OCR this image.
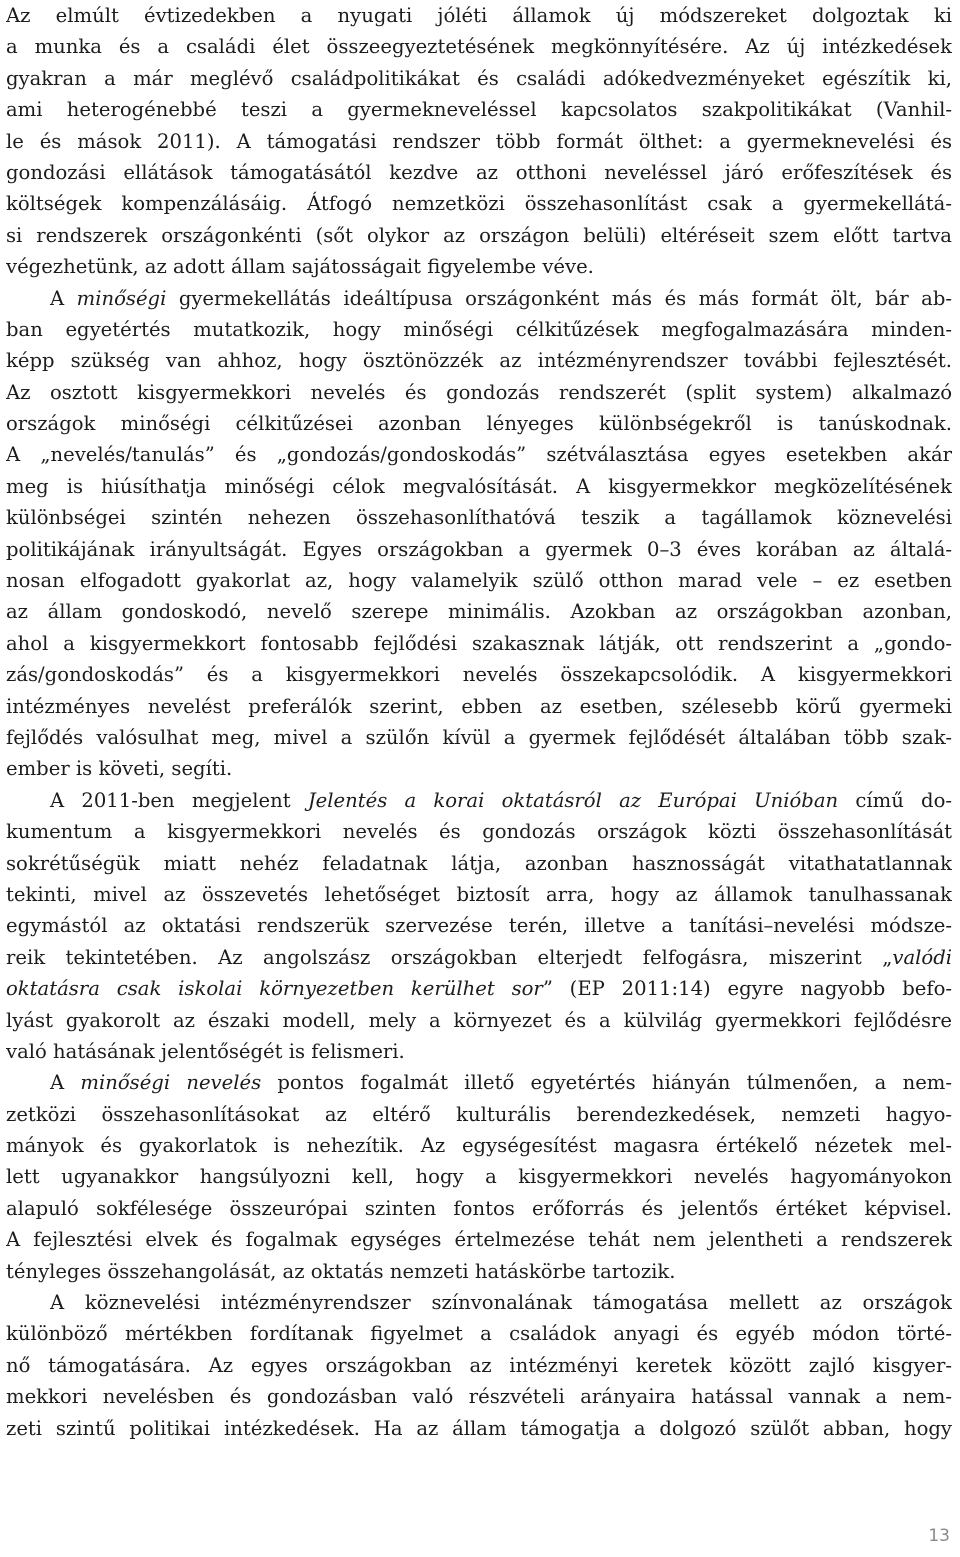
Az elmúlt évtizedekben a nyugati jóléti államok új módszereket dolgoztak ki
a munka és a családi élet összeegyeztetésének megkönnyítésére. Az új intézkedések
gyakran a már meglévő családpolitikákat és családi adókedvezményeket egészítik ki,
ami heterogénebbé teszi a gyermekneveléssel kapcsolatos szakpolitikákat (Vanhil-
le és mások 2011). A támogatási rendszer több formát ölthet: a gyermeknevelési és
gondozási ellátások támogatásától kezdve az otthoni neveléssel járó erőfeszítések és
költségek kompenzálásáig. Átfogó nemzetközi összehasonlítást csak a gyermekellátá-
si rendszerek országonkénti (sőt olykor az országon belüli) eltéréseit szem előtt tartva
végezhetünk, az adott állam sajátosságait figyelembe véve.
A minőségi gyermekellátás ideáltípusa országonként más és más formát ölt, bár ab-
ban egyetértés mutatkozik, hogy minőségi célkitűzések megfogalmazására minden-
képp szükség van ahhoz, hogy ösztönözzék az intézményrendszer további fejlesztését.
Az osztott kisgyermekkori nevelés és gondozás rendszerét (split system) alkalmazó
országok minőségi célkitűzései azonban lényeges különbségekről is tanúskodnak.
A „nevelés/tanulás” és „gondozás/gondoskodás” szétválasztása egyes esetekben akár
meg is hiúsíthatja minőségi célok megvalósítását. A kisgyermekkor megközelítésének
különbségei szintén nehezen összehasonlíthatóvá teszik a tagállamok köznevelési
politikájának irányultságát. Egyes országokban a gyermek 0–3 éves korában az általá-
nosan elfogadott gyakorlat az, hogy valamelyik szülő otthon marad vele – ez esetben
az állam gondoskodó, nevelő szerepe minimális. Azokban az országokban azonban,
ahol a kisgyermekkort fontosabb fejlődési szakasznak látják, ott rendszerint a „gondo-
zás/gondoskodás” és a kisgyermekkori nevelés összekapcsolódik. A kisgyermekkori
intézményes nevelést preferálók szerint, ebben az esetben, szélesebb körű gyermeki
fejlődés valósulhat meg, mivel a szülőn kívül a gyermek fejlődését általában több szak-
ember is követi, segíti.
A 2011-ben megjelent Jelentés a korai oktatásról az Európai Unióban című do-
kumentum a kisgyermekkori nevelés és gondozás országok közti összehasonlítását
sokrétűségük miatt nehéz feladatnak látja, azonban hasznosságát vitathatatlannak
tekinti, mivel az összevetés lehetőséget biztosít arra, hogy az államok tanulhassanak
egymástól az oktatási rendszerük szervezése terén, illetve a tanítási–nevelési módsze-
reik tekintetében. Az angolszász országokban elterjedt felfogásra, miszerint „valódi
oktatásra csak iskolai környezetben kerülhet sor” (EP 2011:14) egyre nagyobb befo-
lyást gyakorolt az északi modell, mely a környezet és a külvilág gyermekkori fejlődésre
való hatásának jelentőségét is felismeri.
A minőségi nevelés pontos fogalmát illető egyetértés hiányán túlmenően, a nem-
zetközi összehasonlításokat az eltérő kulturális berendezkedések, nemzeti hagyo-
mányok és gyakorlatok is nehezítik. Az egységesítést magasra értékelő nézetek mel-
lett ugyanakkor hangsúlyozni kell, hogy a kisgyermekkori nevelés hagyományokon
alapuló sokfélesége összeurópai szinten fontos erőforrás és jelentős értéket képvisel.
A fejlesztési elvek és fogalmak egységes értelmezése tehát nem jelentheti a rendszerek
tényleges összehangolását, az oktatás nemzeti hatáskörbe tartozik.
A köznevelési intézményrendszer színvonalának támogatása mellett az országok
különböző mértékben fordítanak figyelmet a családok anyagi és egyéb módon törté-
nő támogatására. Az egyes országokban az intézményi keretek között zajló kisgyer-
mekkori nevelésben és gondozásban való részvételi arányaira hatással vannak a nem-
zeti szintű politikai intézkedések. Ha az állam támogatja a dolgozó szülőt abban, hogy
13
